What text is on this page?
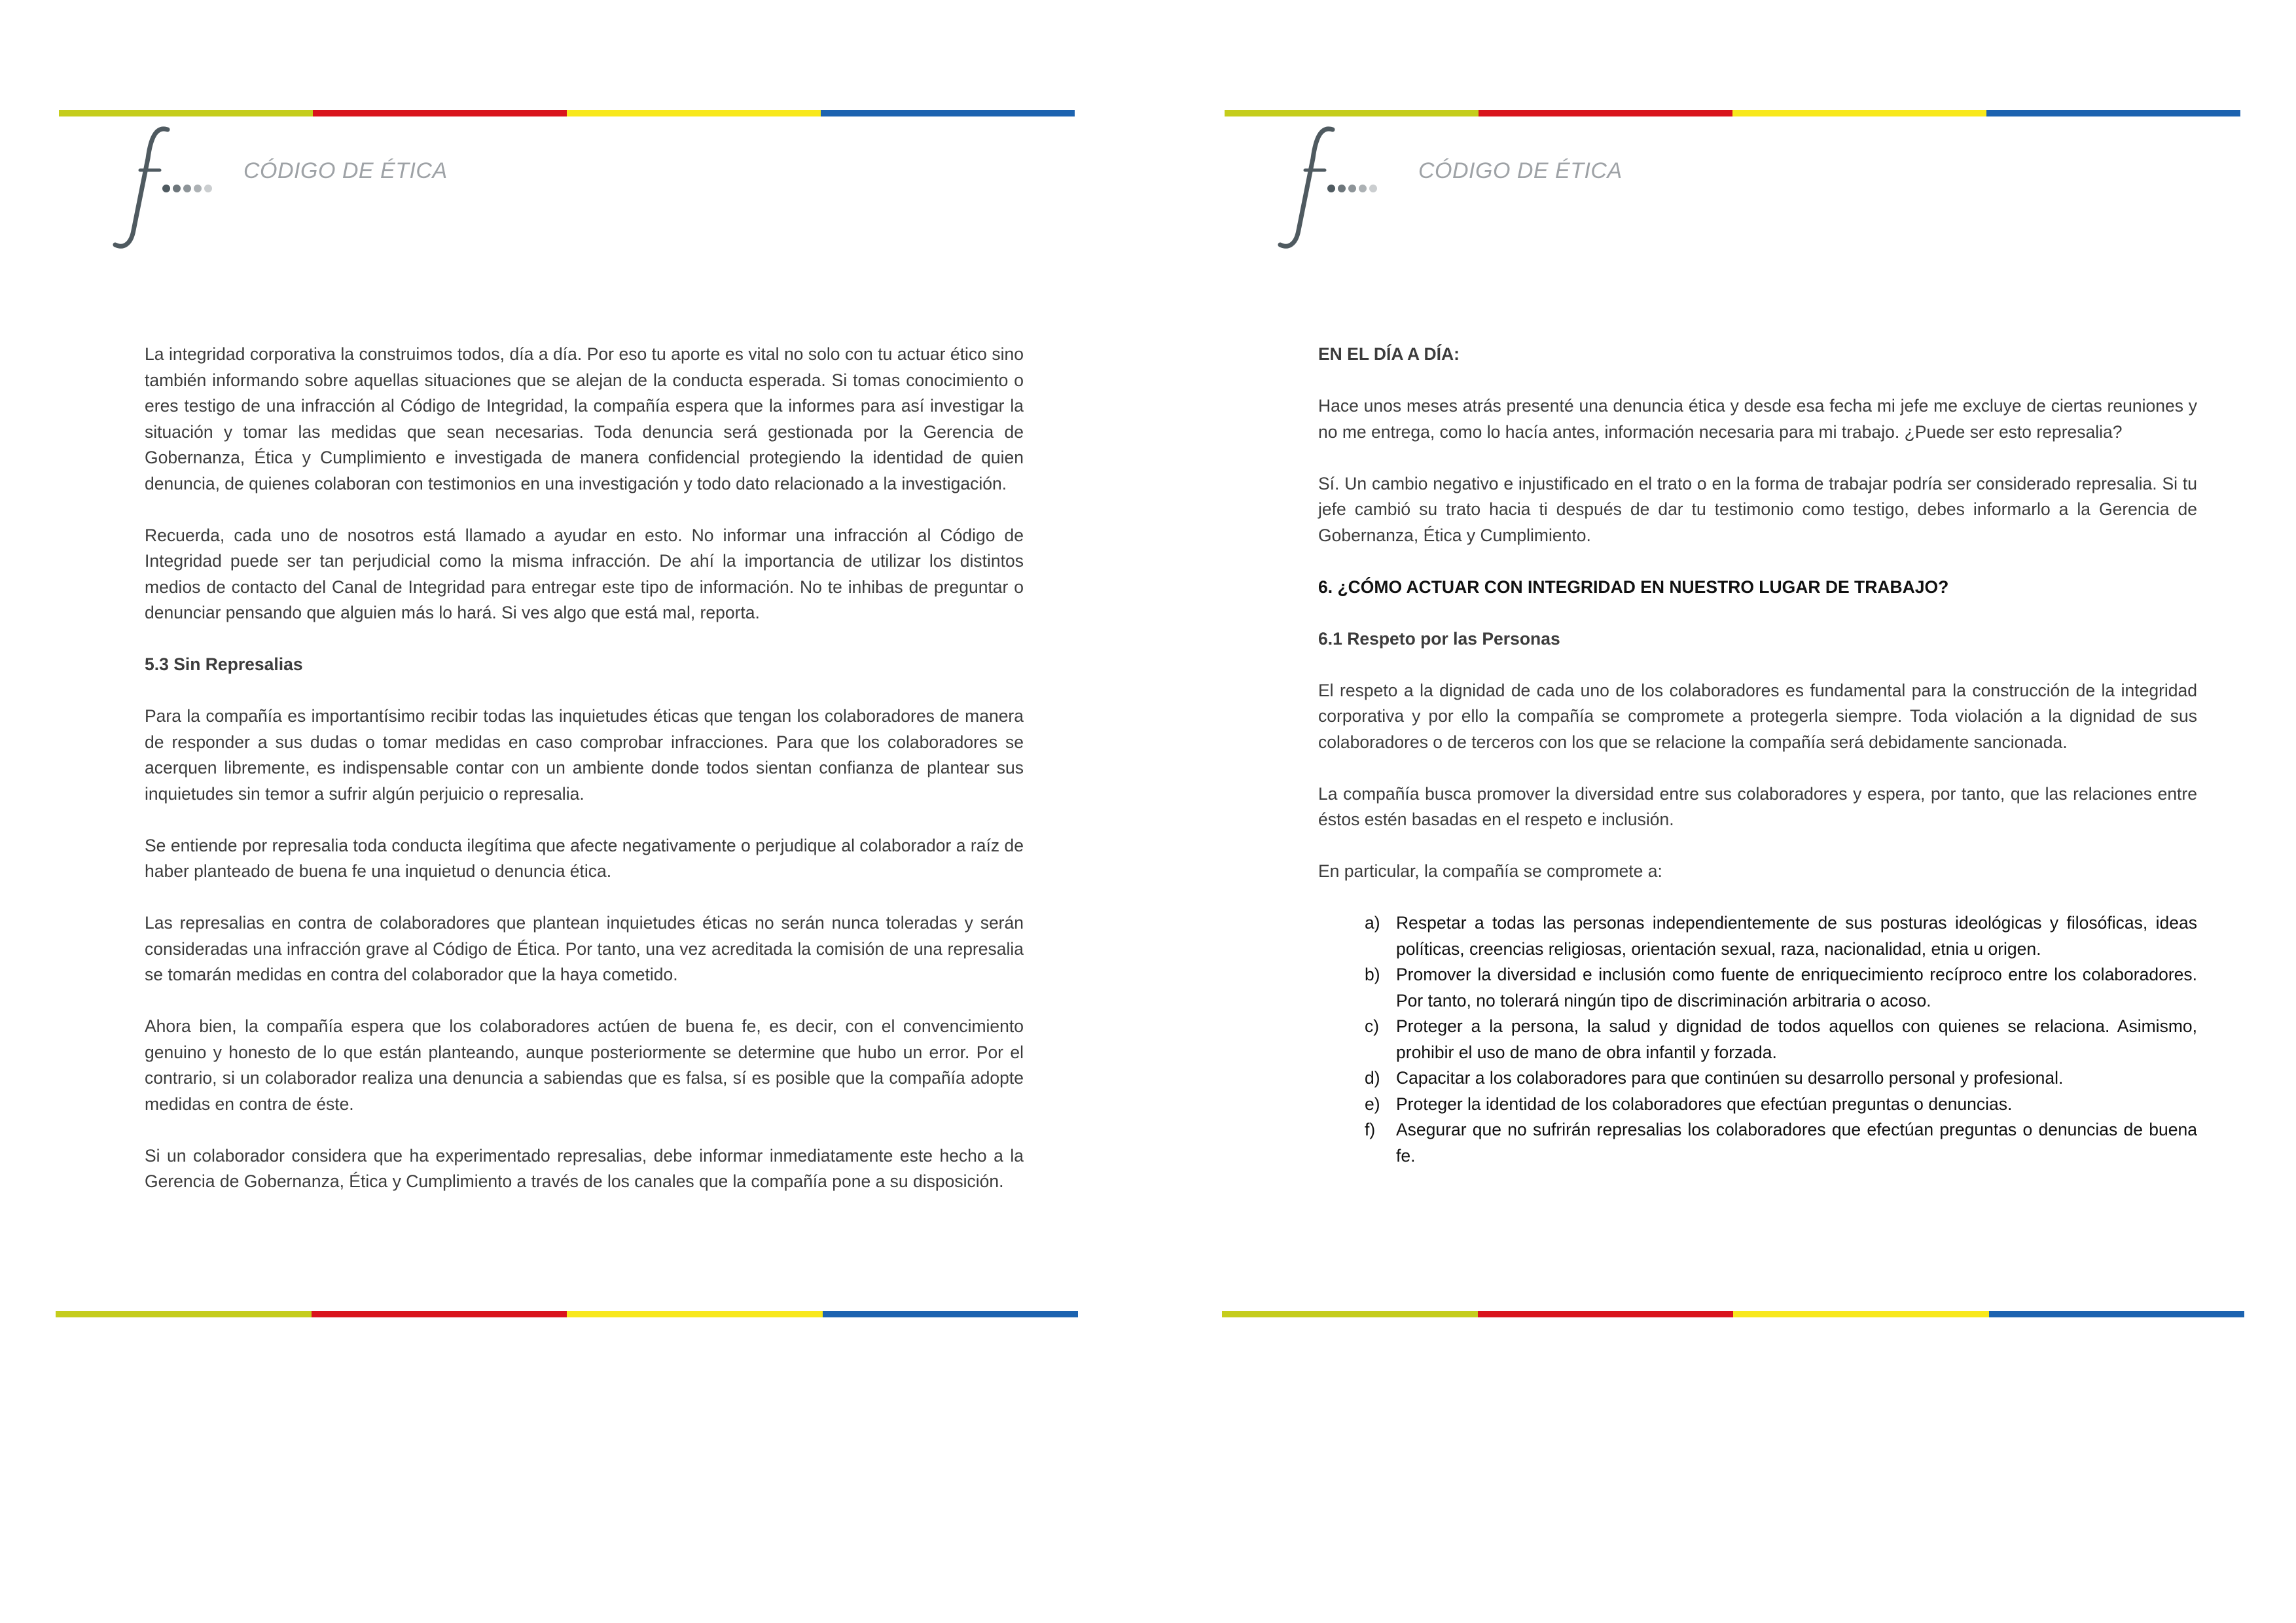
CÓDIGO DE ÉTICA

La integridad corporativa la construimos todos, día a día. Por eso tu aporte es vital no solo con tu actuar ético sino también informando sobre aquellas situaciones que se alejan de la conducta esperada. Si tomas conocimiento o eres testigo de una infracción al Código de Integridad, la compañía espera que la informes para así investigar la situación y tomar las medidas que sean necesarias. Toda denuncia será gestionada por la Gerencia de Gobernanza, Ética y Cumplimiento e investigada de manera confidencial protegiendo la identidad de quien denuncia, de quienes colaboran con testimonios en una investigación y todo dato relacionado a la investigación.

Recuerda, cada uno de nosotros está llamado a ayudar en esto. No informar una infracción al Código de Integridad puede ser tan perjudicial como la misma infracción. De ahí la importancia de utilizar los distintos medios de contacto del Canal de Integridad para entregar este tipo de información. No te inhibas de preguntar o denunciar pensando que alguien más lo hará. Si ves algo que está mal, reporta.

5.3 Sin Represalias

Para la compañía es importantísimo recibir todas las inquietudes éticas que tengan los colaboradores de manera de responder a sus dudas o tomar medidas en caso comprobar infracciones. Para que los colaboradores se acerquen libremente, es indispensable contar con un ambiente donde todos sientan confianza de plantear sus inquietudes sin temor a sufrir algún perjuicio o represalia.

Se entiende por represalia toda conducta ilegítima que afecte negativamente o perjudique al colaborador a raíz de haber planteado de buena fe una inquietud o denuncia ética.

Las represalias en contra de colaboradores que plantean inquietudes éticas no serán nunca toleradas y serán consideradas una infracción grave al Código de Ética. Por tanto, una vez acreditada la comisión de una represalia se tomarán medidas en contra del colaborador que la haya cometido.

Ahora bien, la compañía espera que los colaboradores actúen de buena fe, es decir, con el convencimiento genuino y honesto de lo que están planteando, aunque posteriormente se determine que hubo un error. Por el contrario, si un colaborador realiza una denuncia a sabiendas que es falsa, sí es posible que la compañía adopte medidas en contra de éste.

Si un colaborador considera que ha experimentado represalias, debe informar inmediatamente este hecho a la Gerencia de Gobernanza, Ética y Cumplimiento a través de los canales que la compañía pone a su disposición.

CÓDIGO DE ÉTICA

EN EL DÍA A DÍA:

Hace unos meses atrás presenté una denuncia ética y desde esa fecha mi jefe me excluye de ciertas reuniones y no me entrega, como lo hacía antes, información necesaria para mi trabajo. ¿Puede ser esto represalia?

Sí. Un cambio negativo e injustificado en el trato o en la forma de trabajar podría ser considerado represalia. Si tu jefe cambió su trato hacia ti después de dar tu testimonio como testigo, debes informarlo a la Gerencia de Gobernanza, Ética y Cumplimiento.

6. ¿CÓMO ACTUAR CON INTEGRIDAD EN NUESTRO LUGAR DE TRABAJO?

6.1 Respeto por las Personas

El respeto a la dignidad de cada uno de los colaboradores es fundamental para la construcción de la integridad corporativa y por ello la compañía se compromete a protegerla siempre. Toda violación a la dignidad de sus colaboradores o de terceros con los que se relacione la compañía será debidamente sancionada.

La compañía busca promover la diversidad entre sus colaboradores y espera, por tanto, que las relaciones entre éstos estén basadas en el respeto e inclusión.

En particular, la compañía se compromete a:

a) Respetar a todas las personas independientemente de sus posturas ideológicas y filosóficas, ideas políticas, creencias religiosas, orientación sexual, raza, nacionalidad, etnia u origen.
b) Promover la diversidad e inclusión como fuente de enriquecimiento recíproco entre los colaboradores. Por tanto, no tolerará ningún tipo de discriminación arbitraria o acoso.
c) Proteger a la persona, la salud y dignidad de todos aquellos con quienes se relaciona. Asimismo, prohibir el uso de mano de obra infantil y forzada.
d) Capacitar a los colaboradores para que continúen su desarrollo personal y profesional.
e) Proteger la identidad de los colaboradores que efectúan preguntas o denuncias.
f) Asegurar que no sufrirán represalias los colaboradores que efectúan preguntas o denuncias de buena fe.
